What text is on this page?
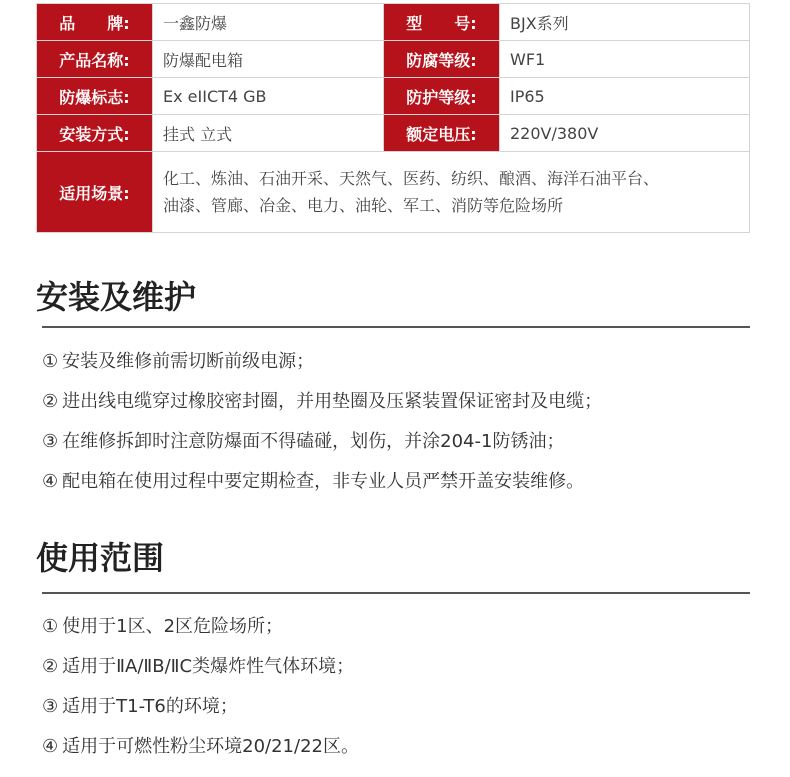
品　　牌:	一鑫防爆	型　　号:	BJX系列
产品名称:	防爆配电箱	防腐等级:	WF1
防爆标志:	Ex eIICT4 GB	防护等级:	IP65
安装方式:	挂式 立式	额定电压:	220V/380V
适用场景:	化工、炼油、石油开采、天然气、医药、纺织、酿酒、海洋石油平台、
油漆、管廊、冶金、电力、油轮、军工、消防等危险场所		
安装及维护
① 安装及维修前需切断前级电源；
② 进出线电缆穿过橡胶密封圈，并用垫圈及压紧装置保证密封及电缆；
③ 在维修拆卸时注意防爆面不得磕碰，划伤，并涂204-1防锈油；
④ 配电箱在使用过程中要定期检查，非专业人员严禁开盖安装维修。
使用范围
① 使用于1区、2区危险场所；
② 适用于ⅡA/ⅡB/ⅡC类爆炸性气体环境；
③ 适用于T1-T6的环境；
④ 适用于可燃性粉尘环境20/21/22区。
